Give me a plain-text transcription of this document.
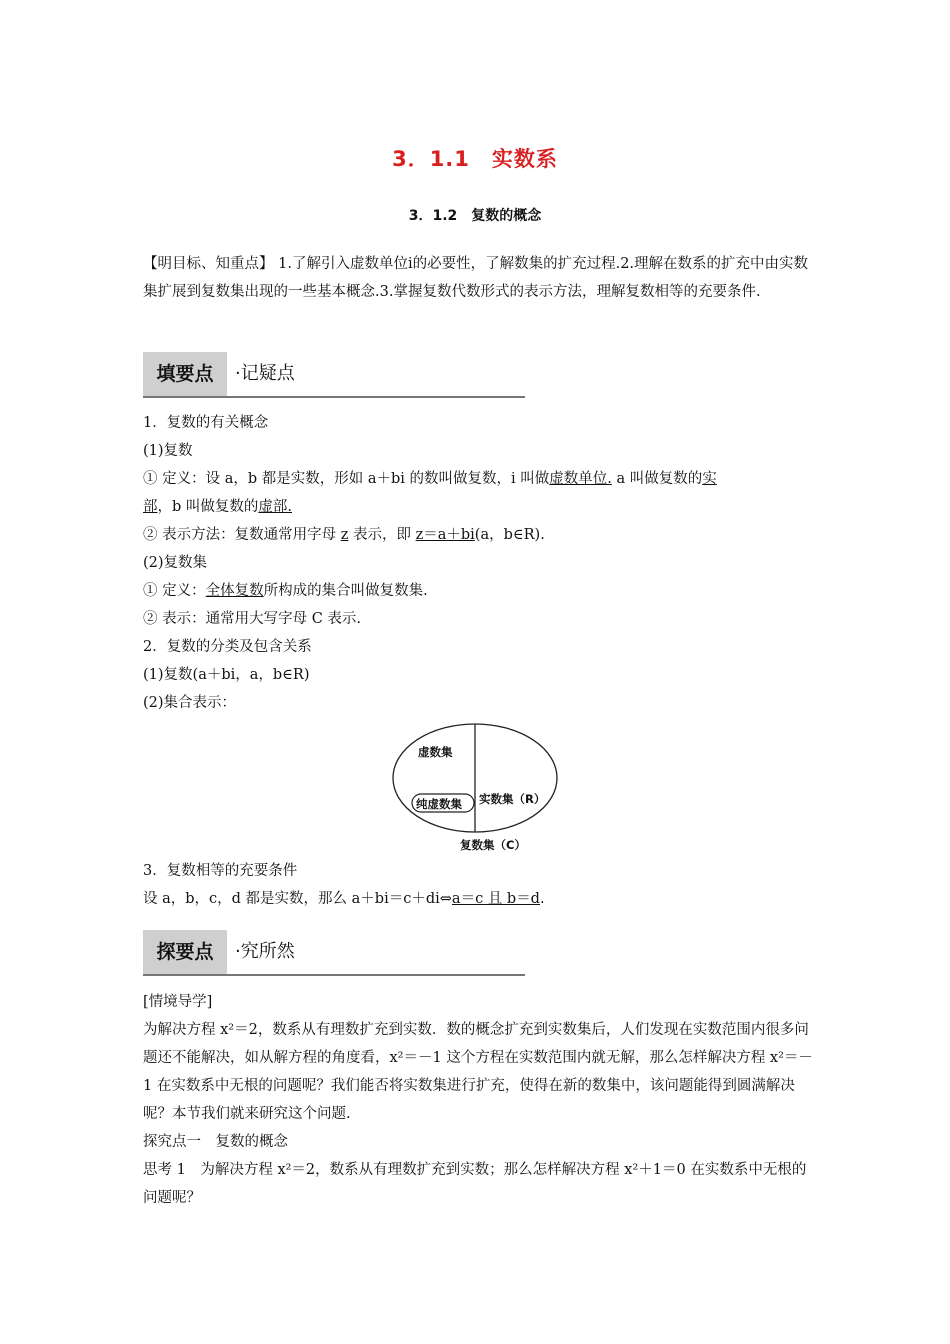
3．1.1　实数系
3．1.2　复数的概念
【明目标、知重点】 1.了解引入虚数单位i的必要性，了解数集的扩充过程.2.理解在数系的扩充中由实数集扩展到复数集出现的一些基本概念.3.掌握复数代数形式的表示方法，理解复数相等的充要条件.
填要点	·记疑点
1．复数的有关概念
(1)复数
① 定义：设 a，b 都是实数，形如 a＋bi 的数叫做复数，i 叫做虚数单位. a 叫做复数的实
部，b 叫做复数的虚部.
② 表示方法：复数通常用字母 z 表示，即 z＝a＋bi(a，b∈R).
(2)复数集
① 定义：全体复数所构成的集合叫做复数集.
② 表示：通常用大写字母 C 表示.
2．复数的分类及包含关系
(1)复数(a＋bi，a，b∈R)
(2)集合表示：
虚数集
纯虚数集 实数集（R）
复数集（C）
3．复数相等的充要条件
设 a，b，c，d 都是实数，那么 a＋bi＝c＋di⇔a＝c 且 b＝d.
探要点	·究所然
[情境导学]
为解决方程 x²＝2，数系从有理数扩充到实数．数的概念扩充到实数集后，人们发现在实数范围内很多问题还不能解决，如从解方程的角度看，x²＝－1 这个方程在实数范围内就无解，那么怎样解决方程 x²＝－1 在实数系中无根的问题呢？我们能否将实数集进行扩充，使得在新的数集中，该问题能得到圆满解决呢？本节我们就来研究这个问题.
探究点一　复数的概念
思考 1　为解决方程 x²＝2，数系从有理数扩充到实数；那么怎样解决方程 x²＋1＝0 在实数系中无根的问题呢？
